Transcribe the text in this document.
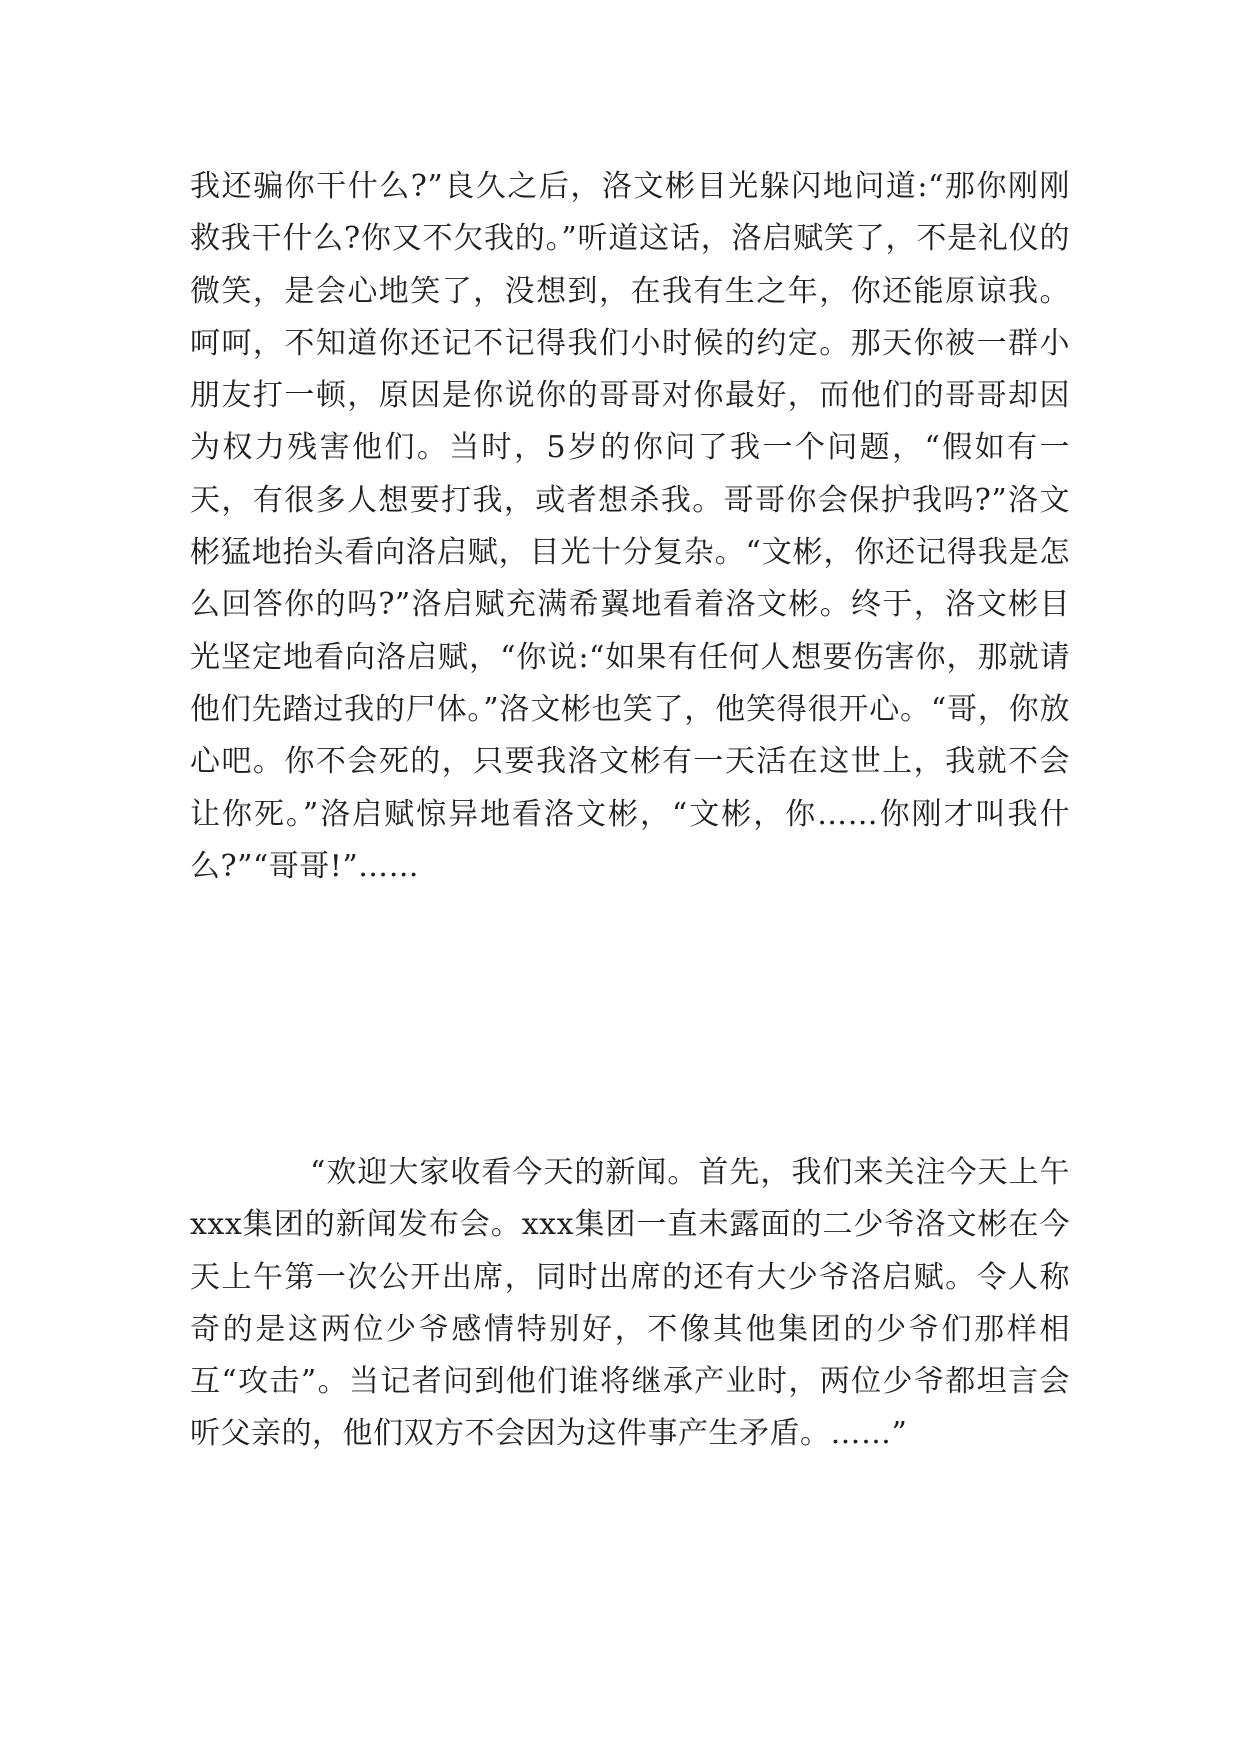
我还骗你干什么?”良久之后，洛文彬目光躲闪地问道:“那你刚刚救我干什么?你又不欠我的。”听道这话，洛启赋笑了，不是礼仪的微笑，是会心地笑了，没想到，在我有生之年，你还能原谅我。呵呵，不知道你还记不记得我们小时候的约定。那天你被一群小朋友打一顿，原因是你说你的哥哥对你最好，而他们的哥哥却因为权力残害他们。当时，5岁的你问了我一个问题，“假如有一天，有很多人想要打我，或者想杀我。哥哥你会保护我吗?”洛文彬猛地抬头看向洛启赋，目光十分复杂。“文彬，你还记得我是怎么回答你的吗?”洛启赋充满希翼地看着洛文彬。终于，洛文彬目光坚定地看向洛启赋，“你说:“如果有任何人想要伤害你，那就请他们先踏过我的尸体。”洛文彬也笑了，他笑得很开心。“哥，你放心吧。你不会死的，只要我洛文彬有一天活在这世上，我就不会让你死。”洛启赋惊异地看洛文彬，“文彬，你……你刚才叫我什么?”“哥哥!”……

“欢迎大家收看今天的新闻。首先，我们来关注今天上午xxx集团的新闻发布会。xxx集团一直未露面的二少爷洛文彬在今天上午第一次公开出席，同时出席的还有大少爷洛启赋。令人称奇的是这两位少爷感情特别好，不像其他集团的少爷们那样相互“攻击”。当记者问到他们谁将继承产业时，两位少爷都坦言会听父亲的，他们双方不会因为这件事产生矛盾。……”
